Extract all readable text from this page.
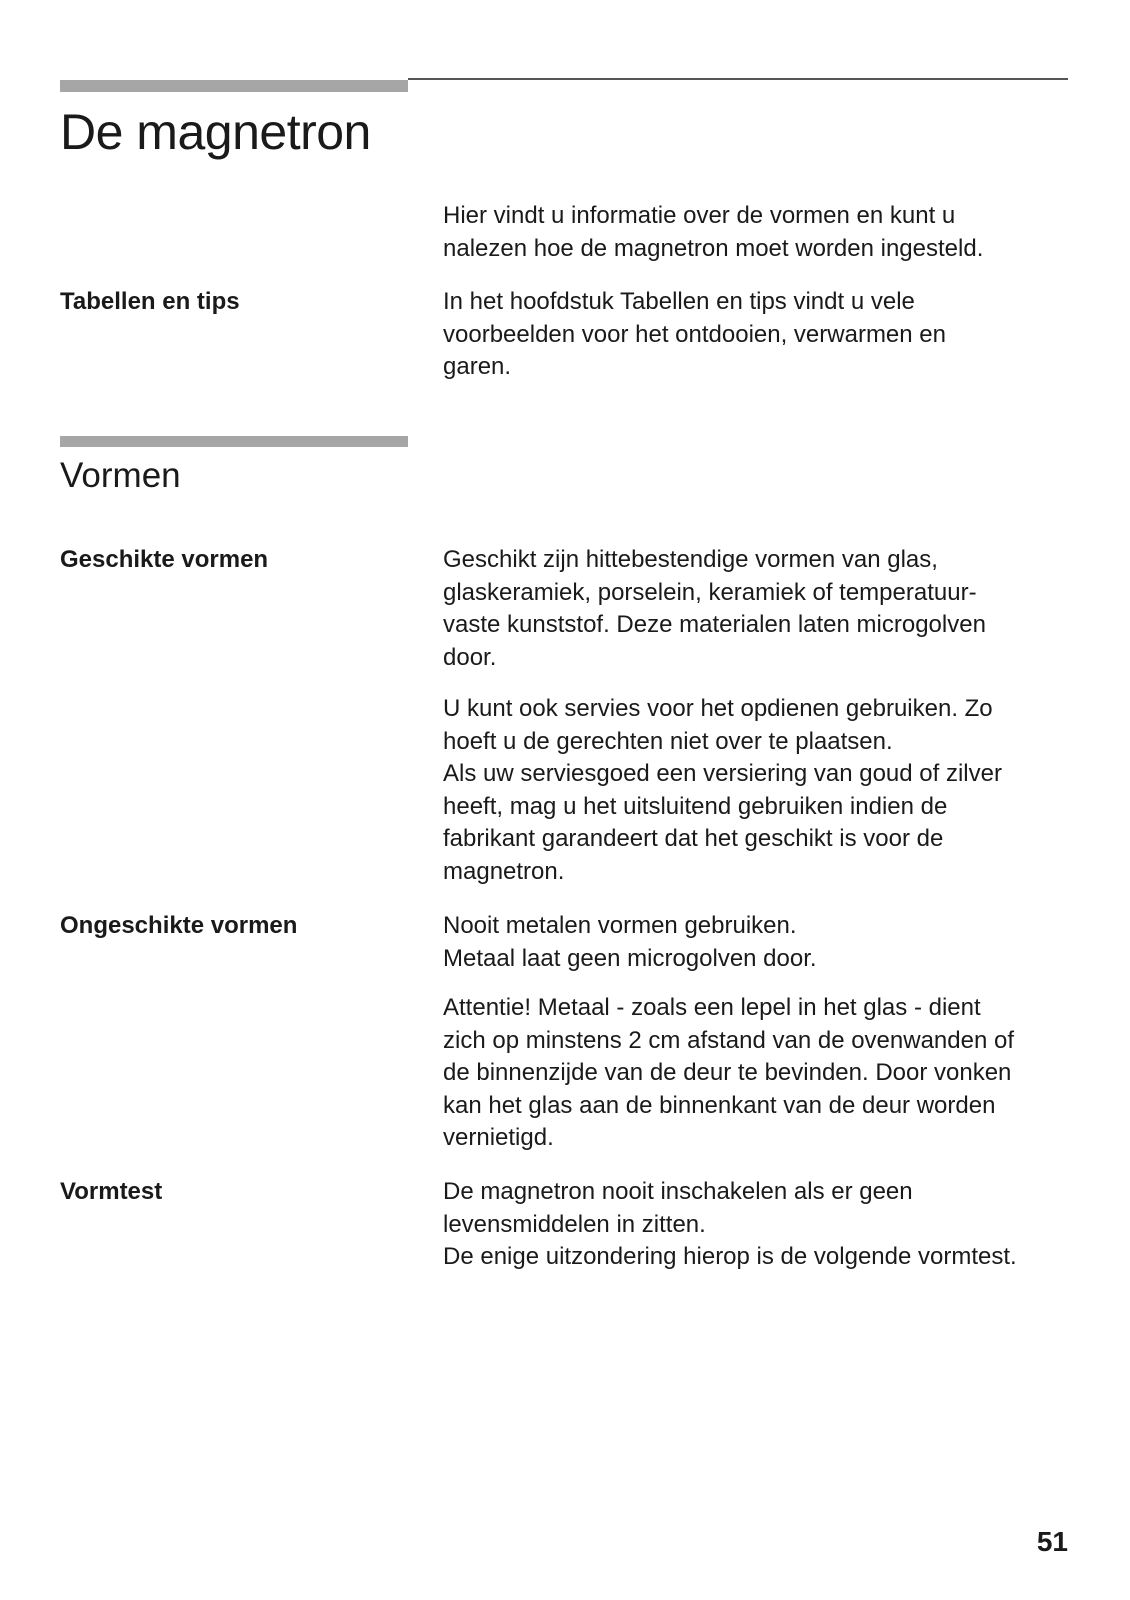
De magnetron

Hier vindt u informatie over de vormen en kunt u
nalezen hoe de magnetron moet worden ingesteld.

Tabellen en tips	In het hoofdstuk Tabellen en tips vindt u vele
voorbeelden voor het ontdooien, verwarmen en
garen.

Vormen

Geschikte vormen	Geschikt zijn hittebestendige vormen van glas,
glaskeramiek, porselein, keramiek of temperatuur-
vaste kunststof. Deze materialen laten microgolven
door.

U kunt ook servies voor het opdienen gebruiken. Zo
hoeft u de gerechten niet over te plaatsen.
Als uw serviesgoed een versiering van goud of zilver
heeft, mag u het uitsluitend gebruiken indien de
fabrikant garandeert dat het geschikt is voor de
magnetron.

Ongeschikte vormen	Nooit metalen vormen gebruiken.
Metaal laat geen microgolven door.

Attentie! Metaal - zoals een lepel in het glas - dient
zich op minstens 2 cm afstand van de ovenwanden of
de binnenzijde van de deur te bevinden. Door vonken
kan het glas aan de binnenkant van de deur worden
vernietigd.

Vormtest	De magnetron nooit inschakelen als er geen
levensmiddelen in zitten.
De enige uitzondering hierop is de volgende vormtest.

51
